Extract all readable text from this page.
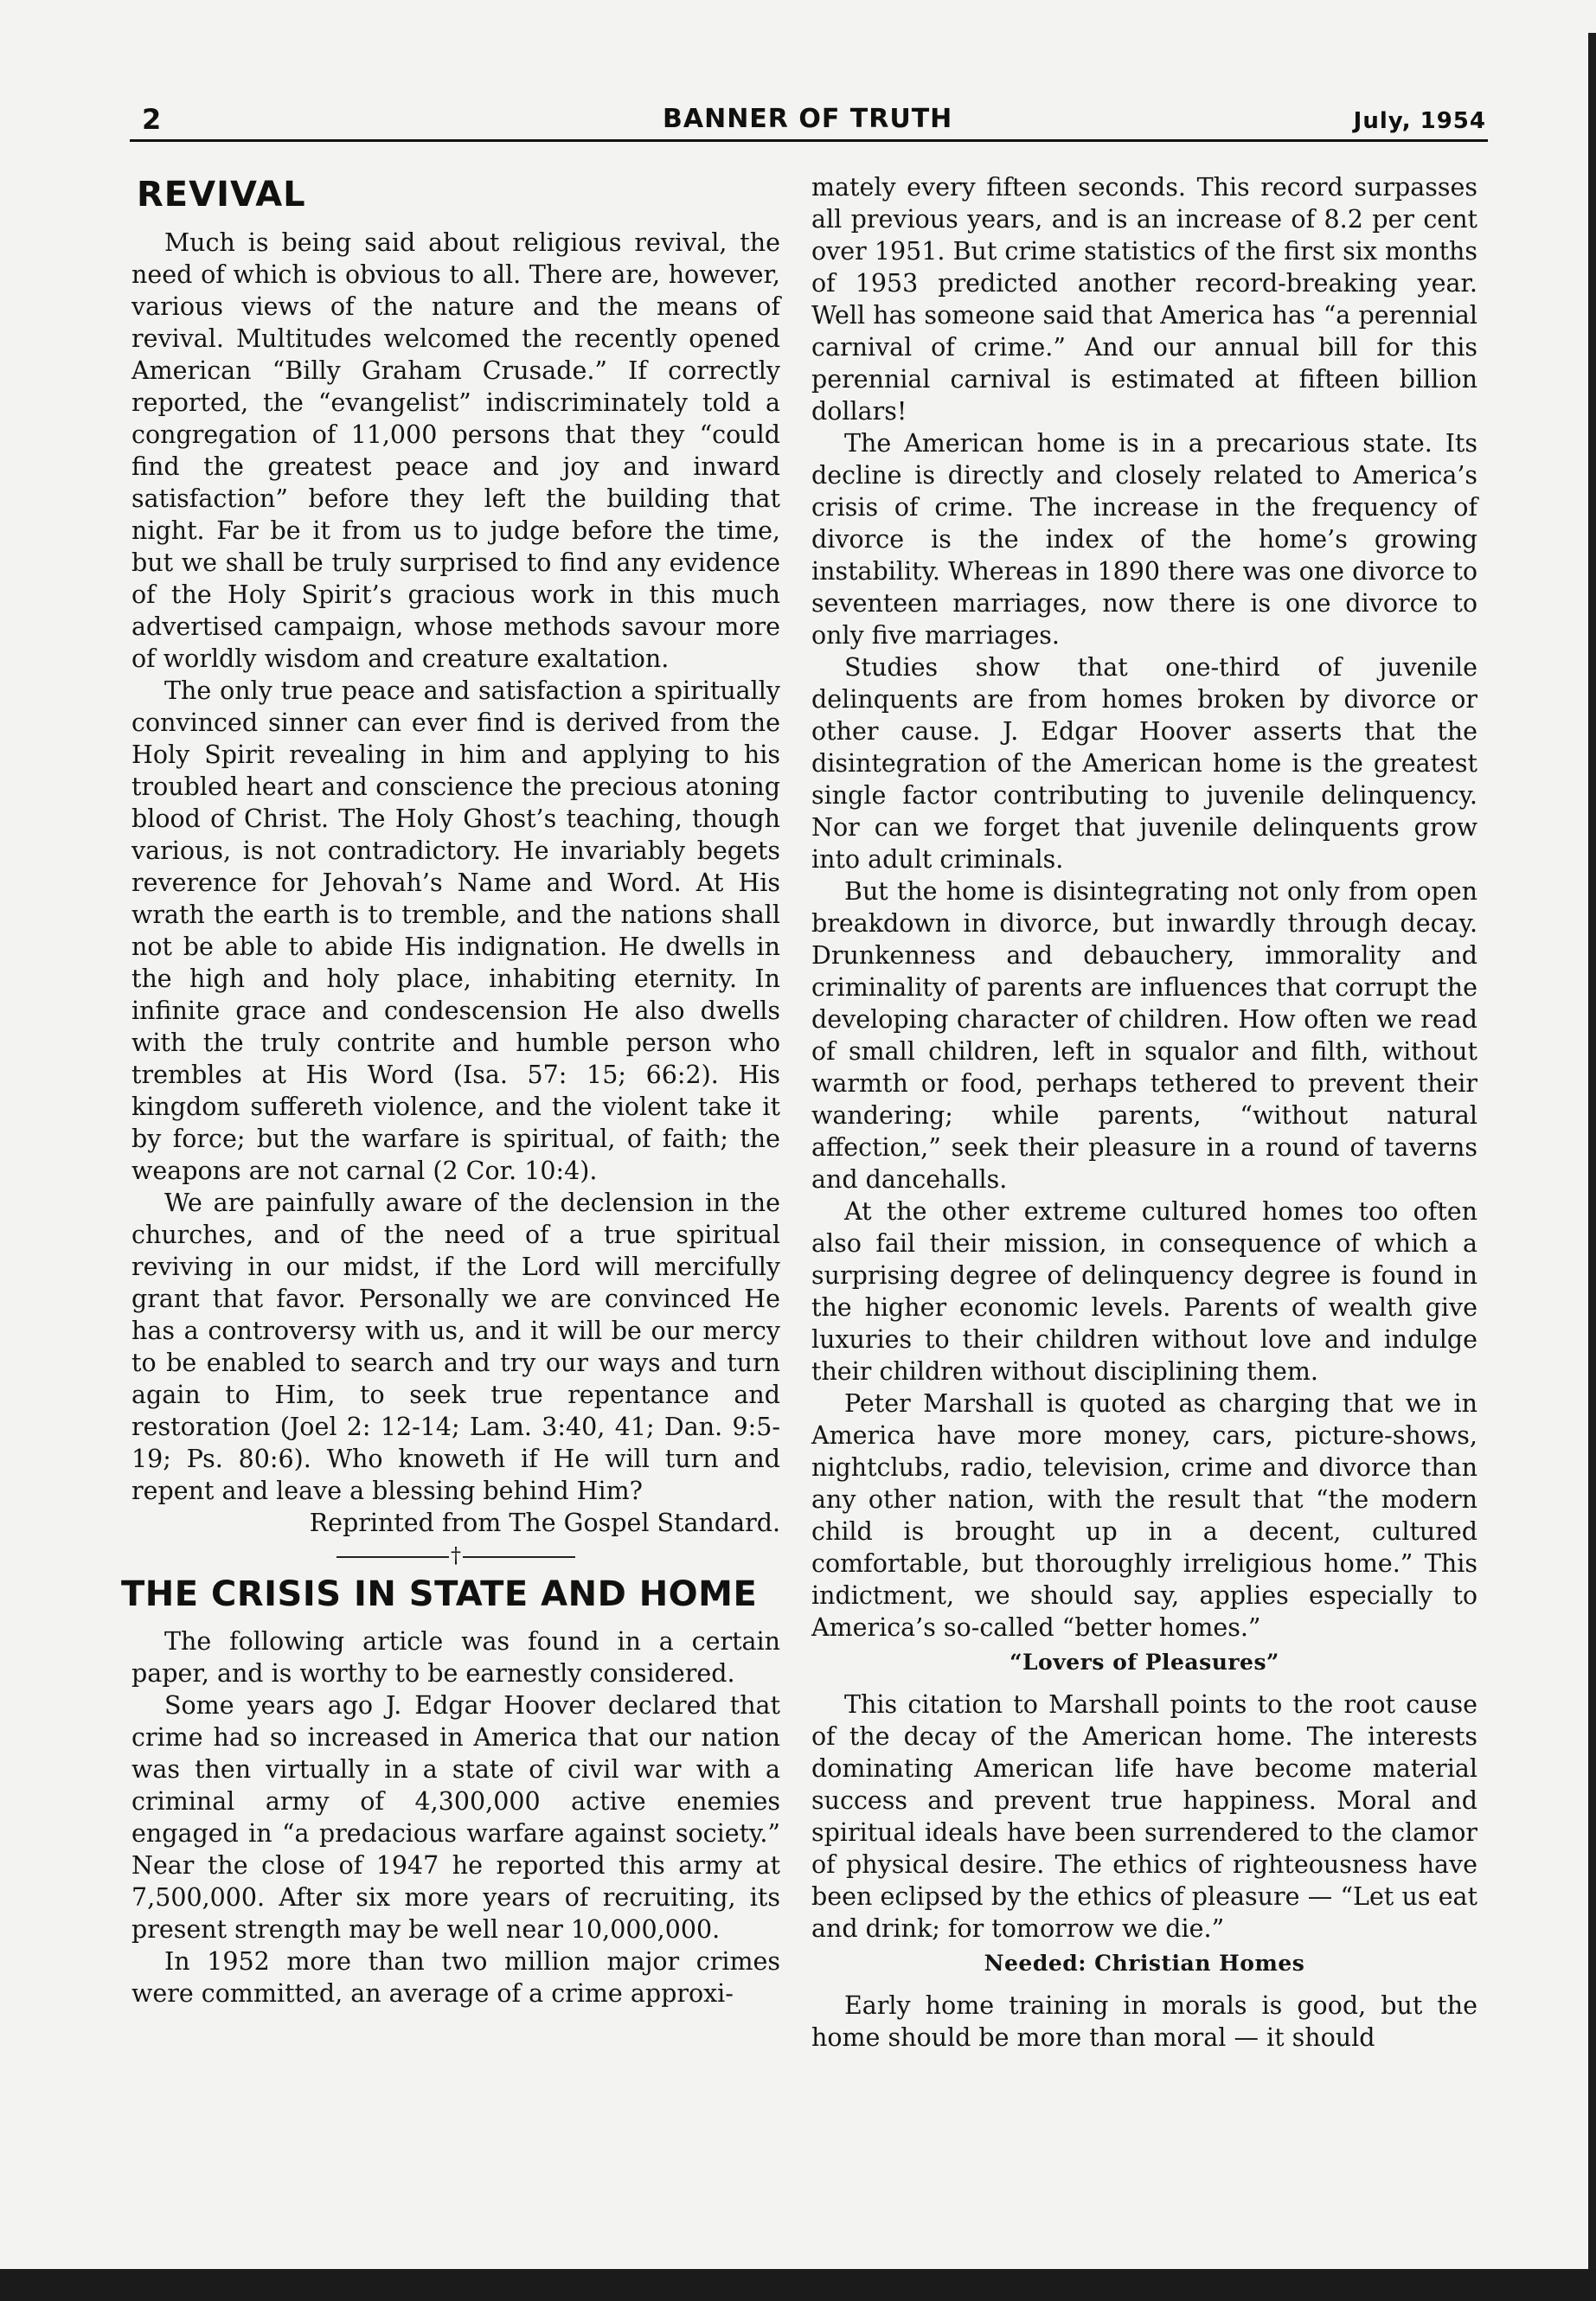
2	BANNER OF TRUTH	July, 1954
REVIVAL

Much is being said about religious revival, the need of which is obvious to all. There are, however, various views of the nature and the means of revival. Multitudes welcomed the recently opened American “Billy Graham Crusade.” If correctly reported, the “evangelist” indiscriminately told a congregation of 11,000 persons that they “could find the greatest peace and joy and inward satisfaction” before they left the building that night. Far be it from us to judge before the time, but we shall be truly surprised to find any evidence of the Holy Spirit’s gracious work in this much advertised campaign, whose methods savour more of worldly wisdom and creature exaltation.

The only true peace and satisfaction a spiritually convinced sinner can ever find is derived from the Holy Spirit revealing in him and applying to his troubled heart and conscience the precious atoning blood of Christ. The Holy Ghost’s teaching, though various, is not contradictory. He invariably begets reverence for Jehovah’s Name and Word. At His wrath the earth is to tremble, and the nations shall not be able to abide His indignation. He dwells in the high and holy place, inhabiting eternity. In infinite grace and condescension He also dwells with the truly contrite and humble person who trembles at His Word (Isa. 57: 15; 66:2). His kingdom suffereth violence, and the violent take it by force; but the warfare is spiritual, of faith; the weapons are not carnal (2 Cor. 10:4).

We are painfully aware of the declension in the churches, and of the need of a true spiritual reviving in our midst, if the Lord will mercifully grant that favor. Personally we are convinced He has a controversy with us, and it will be our mercy to be enabled to search and try our ways and turn again to Him, to seek true repentance and restoration (Joel 2: 12-14; Lam. 3:40, 41; Dan. 9:5-19; Ps. 80:6). Who knoweth if He will turn and repent and leave a blessing behind Him?

Reprinted from The Gospel Standard.

†
THE CRISIS IN STATE AND HOME

The following article was found in a certain paper, and is worthy to be earnestly considered.

Some years ago J. Edgar Hoover declared that crime had so increased in America that our nation was then virtually in a state of civil war with a criminal army of 4,300,000 active enemies engaged in “a predacious warfare against society.” Near the close of 1947 he reported this army at 7,500,000. After six more years of recruiting, its present strength may be well near 10,000,000.

In 1952 more than two million major crimes were committed, an average of a crime approxi-

mately every fifteen seconds. This record surpasses all previous years, and is an increase of 8.2 per cent over 1951. But crime statistics of the first six months of 1953 predicted another record-breaking year. Well has someone said that America has “a perennial carnival of crime.” And our annual bill for this perennial carnival is estimated at fifteen billion dollars!

The American home is in a precarious state. Its decline is directly and closely related to America’s crisis of crime. The increase in the frequency of divorce is the index of the home’s growing instability. Whereas in 1890 there was one divorce to seventeen marriages, now there is one divorce to only five marriages.

Studies show that one-third of juvenile delinquents are from homes broken by divorce or other cause. J. Edgar Hoover asserts that the disintegration of the American home is the greatest single factor contributing to juvenile delinquency. Nor can we forget that juvenile delinquents grow into adult criminals.

But the home is disintegrating not only from open breakdown in divorce, but inwardly through decay. Drunkenness and debauchery, immorality and criminality of parents are influences that corrupt the developing character of children. How often we read of small children, left in squalor and filth, without warmth or food, perhaps tethered to prevent their wandering; while parents, “without natural affection,” seek their pleasure in a round of taverns and dancehalls.

At the other extreme cultured homes too often also fail their mission, in consequence of which a surprising degree of delinquency degree is found in the higher economic levels. Parents of wealth give luxuries to their children without love and indulge their children without disciplining them.

Peter Marshall is quoted as charging that we in America have more money, cars, picture-shows, nightclubs, radio, television, crime and divorce than any other nation, with the result that “the modern child is brought up in a decent, cultured comfortable, but thoroughly irreligious home.” This indictment, we should say, applies especially to America’s so-called “better homes.”

“Lovers of Pleasures”

This citation to Marshall points to the root cause of the decay of the American home. The interests dominating American life have become material success and prevent true happiness. Moral and spiritual ideals have been surrendered to the clamor of physical desire. The ethics of righteousness have been eclipsed by the ethics of pleasure — “Let us eat and drink; for tomorrow we die.”

Needed: Christian Homes

Early home training in morals is good, but the home should be more than moral — it should
